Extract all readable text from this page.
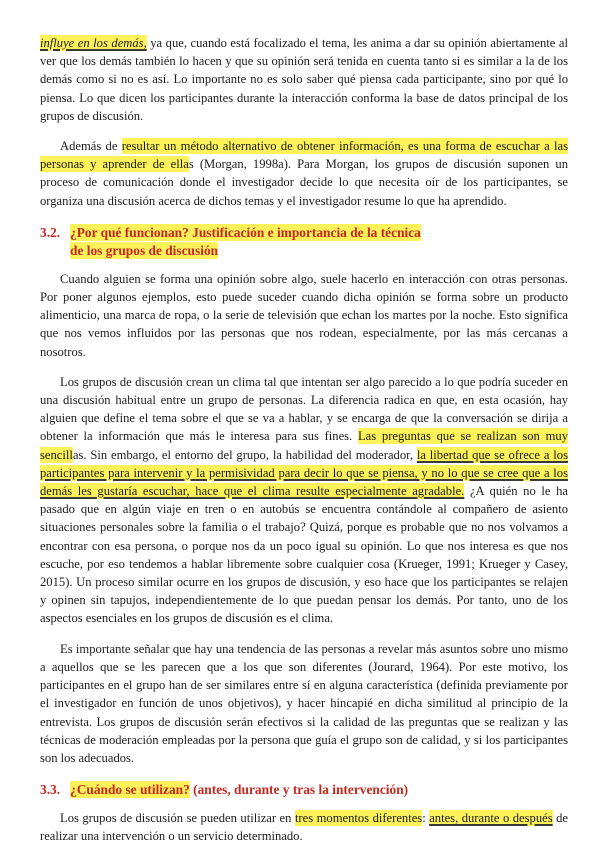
influye en los demás, ya que, cuando está focalizado el tema, les anima a dar su opinión abiertamente al ver que los demás también lo hacen y que su opinión será tenida en cuenta tanto si es similar a la de los demás como si no es así. Lo importante no es solo saber qué piensa cada participante, sino por qué lo piensa. Lo que dicen los participantes durante la interacción conforma la base de datos principal de los grupos de discusión.

Además de resultar un método alternativo de obtener información, es una forma de escuchar a las personas y aprender de ellas (Morgan, 1998a). Para Morgan, los grupos de discusión suponen un proceso de comunicación donde el investigador decide lo que necesita oír de los participantes, se organiza una discusión acerca de dichos temas y el investigador resume lo que ha aprendido.

3.2. ¿Por qué funcionan? Justificación e importancia de la técnica
de los grupos de discusión

Cuando alguien se forma una opinión sobre algo, suele hacerlo en interacción con otras personas. Por poner algunos ejemplos, esto puede suceder cuando dicha opinión se forma sobre un producto alimenticio, una marca de ropa, o la serie de televisión que echan los martes por la noche. Esto significa que nos vemos influidos por las personas que nos rodean, especialmente, por las más cercanas a nosotros.

Los grupos de discusión crean un clima tal que intentan ser algo parecido a lo que podría suceder en una discusión habitual entre un grupo de personas. La diferencia radica en que, en esta ocasión, hay alguien que define el tema sobre el que se va a hablar, y se encarga de que la conversación se dirija a obtener la información que más le interesa para sus fines. Las preguntas que se realizan son muy sencillas. Sin embargo, el entorno del grupo, la habilidad del moderador, la libertad que se ofrece a los participantes para intervenir y la permisividad para decir lo que se piensa, y no lo que se cree que a los demás les gustaría escuchar, hace que el clima resulte especialmente agradable. ¿A quién no le ha pasado que en algún viaje en tren o en autobús se encuentra contándole al compañero de asiento situaciones personales sobre la familia o el trabajo? Quizá, porque es probable que no nos volvamos a encontrar con esa persona, o porque nos da un poco igual su opinión. Lo que nos interesa es que nos escuche, por eso tendemos a hablar libremente sobre cualquier cosa (Krueger, 1991; Krueger y Casey, 2015). Un proceso similar ocurre en los grupos de discusión, y eso hace que los participantes se relajen y opinen sin tapujos, independientemente de lo que puedan pensar los demás. Por tanto, uno de los aspectos esenciales en los grupos de discusión es el clima.

Es importante señalar que hay una tendencia de las personas a revelar más asuntos sobre uno mismo a aquellos que se les parecen que a los que son diferentes (Jourard, 1964). Por este motivo, los participantes en el grupo han de ser similares entre sí en alguna característica (definida previamente por el investigador en función de unos objetivos), y hacer hincapié en dicha similitud al principio de la entrevista. Los grupos de discusión serán efectivos si la calidad de las preguntas que se realizan y las técnicas de moderación empleadas por la persona que guía el grupo son de calidad, y si los participantes son los adecuados.

3.3. ¿Cuándo se utilizan? (antes, durante y tras la intervención)

Los grupos de discusión se pueden utilizar en tres momentos diferentes: antes, durante o después de realizar una intervención o un servicio determinado.
